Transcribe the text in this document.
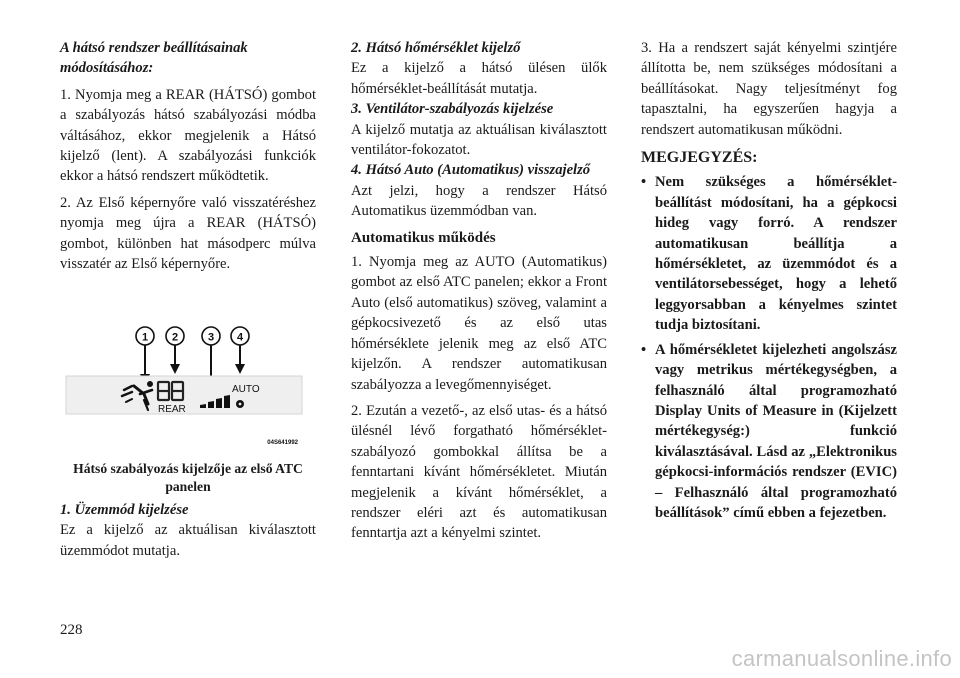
A hátsó rendszer beállításainak módosításához:

1. Nyomja meg a REAR (HÁTSÓ) gombot a szabályozás hátsó szabályozási módba váltásához, ekkor megjelenik a Hátsó kijelző (lent). A szabályozási funkciók ekkor a hátsó rendszert működtetik.

2. Az Első képernyőre való visszatéréshez nyomja meg újra a REAR (HÁTSÓ) gombot, különben hat másodperc múlva visszatér az Első képernyőre.

1 2	3 4
REAR
AUTO
04S641992
Hátsó szabályozás kijelzője az első ATC panelen

1. Üzemmód kijelzése

Ez a kijelző az aktuálisan kiválasztott üzemmódot mutatja.

2. Hátsó hőmérséklet kijelző

Ez a kijelző a hátsó ülésen ülők hőmérséklet-beállítását mutatja.

3. Ventilátor-szabályozás kijelzése

A kijelző mutatja az aktuálisan kiválasztott ventilátor-fokozatot.

4. Hátsó Auto (Automatikus) visszajelző

Azt jelzi, hogy a rendszer Hátsó Automatikus üzemmódban van.

Automatikus működés

1. Nyomja meg az AUTO (Automatikus) gombot az első ATC panelen; ekkor a Front Auto (első automatikus) szöveg, valamint a gépkocsivezető és az első utas hőmérséklete jelenik meg az első ATC kijelzőn. A rendszer automatikusan szabályozza a levegőmennyiséget.

2. Ezután a vezető-, az első utas- és a hátsó ülésnél lévő forgatható hőmérséklet-szabályozó gombokkal állítsa be a fenntartani kívánt hőmérsékletet. Miután megjelenik a kívánt hőmérséklet, a rendszer eléri azt és automatikusan fenntartja azt a kényelmi szintet.

3. Ha a rendszert saját kényelmi szintjére állította be, nem szükséges módosítani a beállításokat. Nagy teljesítményt fog tapasztalni, ha egyszerűen hagyja a rendszert automatikusan működni.

MEGJEGYZÉS:

• Nem szükséges a hőmérséklet-beállítást módosítani, ha a gépkocsi hideg vagy forró. A rendszer automatikusan beállítja a hőmérsékletet, az üzemmódot és a ventilátorsebességet, hogy a lehető leggyorsabban a kényelmes szintet tudja biztosítani.
• A hőmérsékletet kijelezheti angolszász vagy metrikus mértékegységben, a felhasználó által programozható Display Units of Measure in (Kijelzett mértékegység:) funkció kiválasztásával. Lásd az „Elektronikus gépkocsi-információs rendszer (EVIC) – Felhasználó által programozható beállítások” című ebben a fejezetben.
228
carmanualsonline.info
